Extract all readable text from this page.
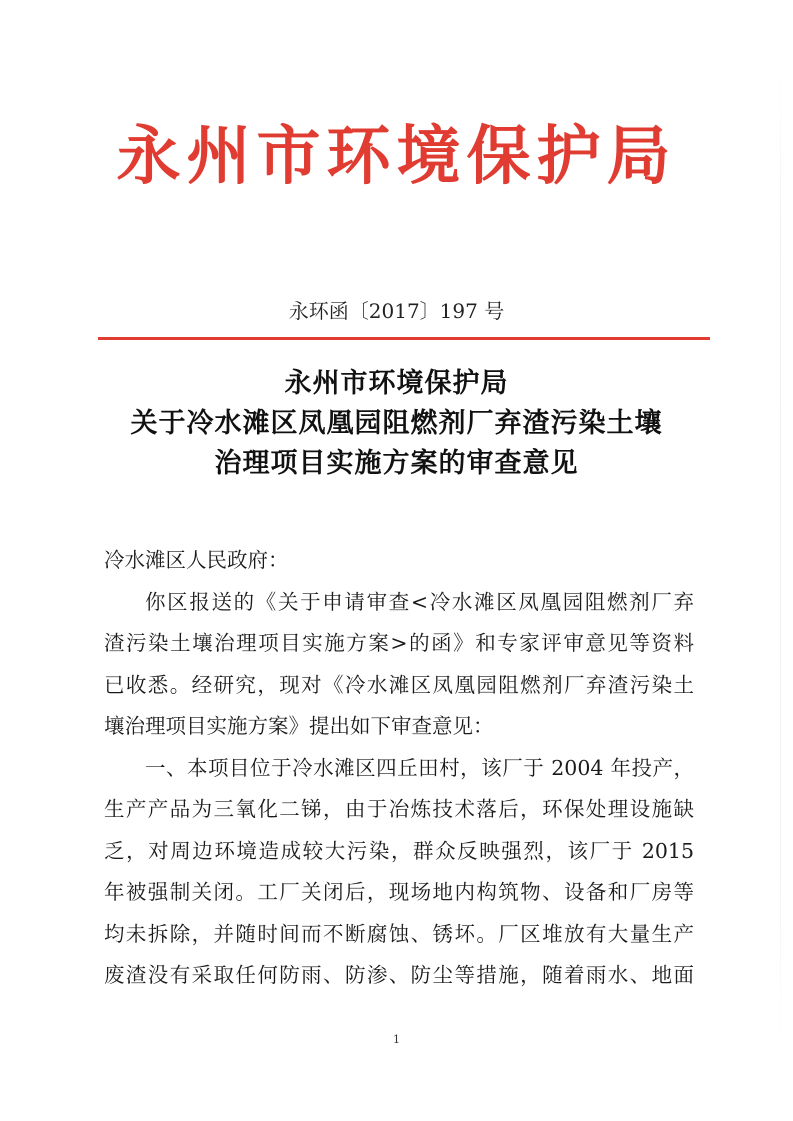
永州市环境保护局
永环函〔2017〕197 号
永州市环境保护局
关于冷水滩区凤凰园阻燃剂厂弃渣污染土壤
治理项目实施方案的审查意见
冷水滩区人民政府：
你区报送的《关于申请审查<冷水滩区凤凰园阻燃剂厂弃
渣污染土壤治理项目实施方案>的函》和专家评审意见等资料
已收悉。经研究，现对《冷水滩区凤凰园阻燃剂厂弃渣污染土
壤治理项目实施方案》提出如下审查意见：
一、本项目位于冷水滩区四丘田村，该厂于 2004 年投产，
生产产品为三氧化二锑，由于冶炼技术落后，环保处理设施缺
乏，对周边环境造成较大污染，群众反映强烈，该厂于 2015
年被强制关闭。工厂关闭后，现场地内构筑物、设备和厂房等
均未拆除，并随时间而不断腐蚀、锈坏。厂区堆放有大量生产
废渣没有采取任何防雨、防渗、防尘等措施，随着雨水、地面
1
